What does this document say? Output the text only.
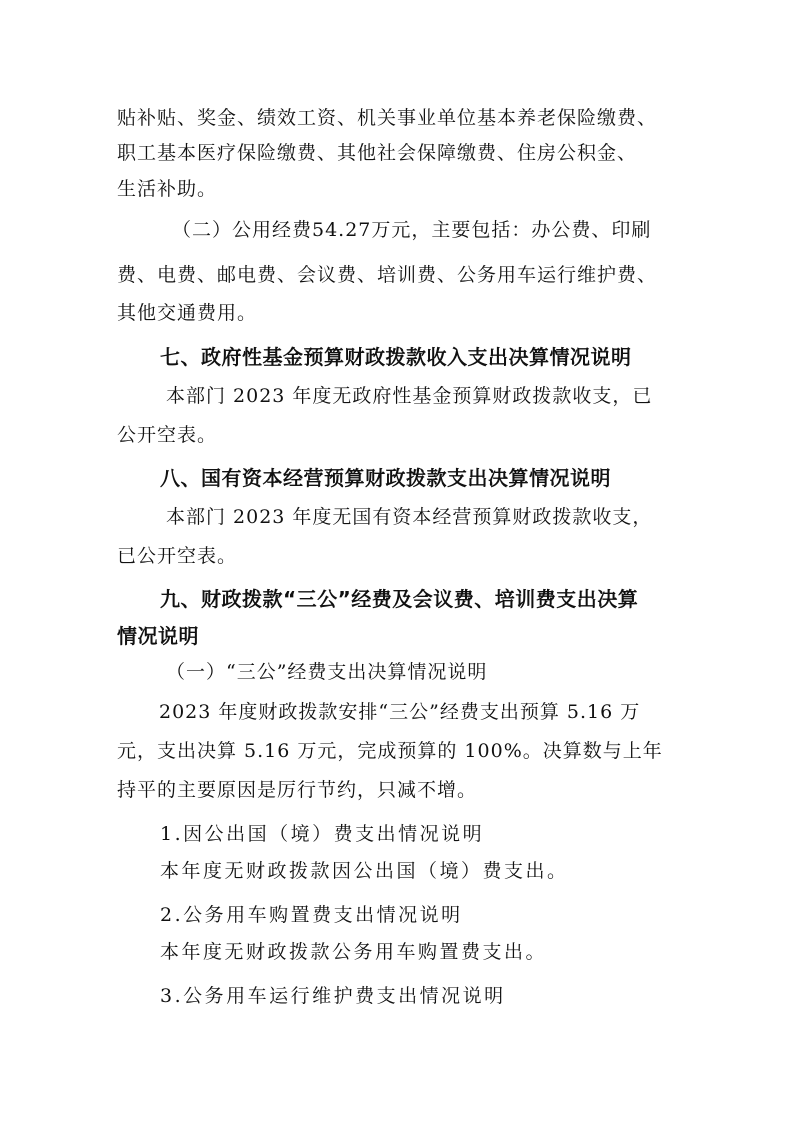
贴补贴、奖金、绩效工资、机关事业单位基本养老保险缴费、
职工基本医疗保险缴费、其他社会保障缴费、住房公积金、
生活补助。
（二）公用经费54.27万元，主要包括：办公费、印刷
费、电费、邮电费、会议费、培训费、公务用车运行维护费、
其他交通费用。
七、政府性基金预算财政拨款收入支出决算情况说明
本部门 2023 年度无政府性基金预算财政拨款收支，已
公开空表。
八、国有资本经营预算财政拨款支出决算情况说明
本部门 2023 年度无国有资本经营预算财政拨款收支，
已公开空表。
九、财政拨款“三公”经费及会议费、培训费支出决算
情况说明
（一）“三公”经费支出决算情况说明
2023 年度财政拨款安排“三公”经费支出预算 5.16 万
元，支出决算 5.16 万元，完成预算的 100%。决算数与上年
持平的主要原因是厉行节约，只减不增。
1.因公出国（境）费支出情况说明
本年度无财政拨款因公出国（境）费支出。
2.公务用车购置费支出情况说明
本年度无财政拨款公务用车购置费支出。
3.公务用车运行维护费支出情况说明
